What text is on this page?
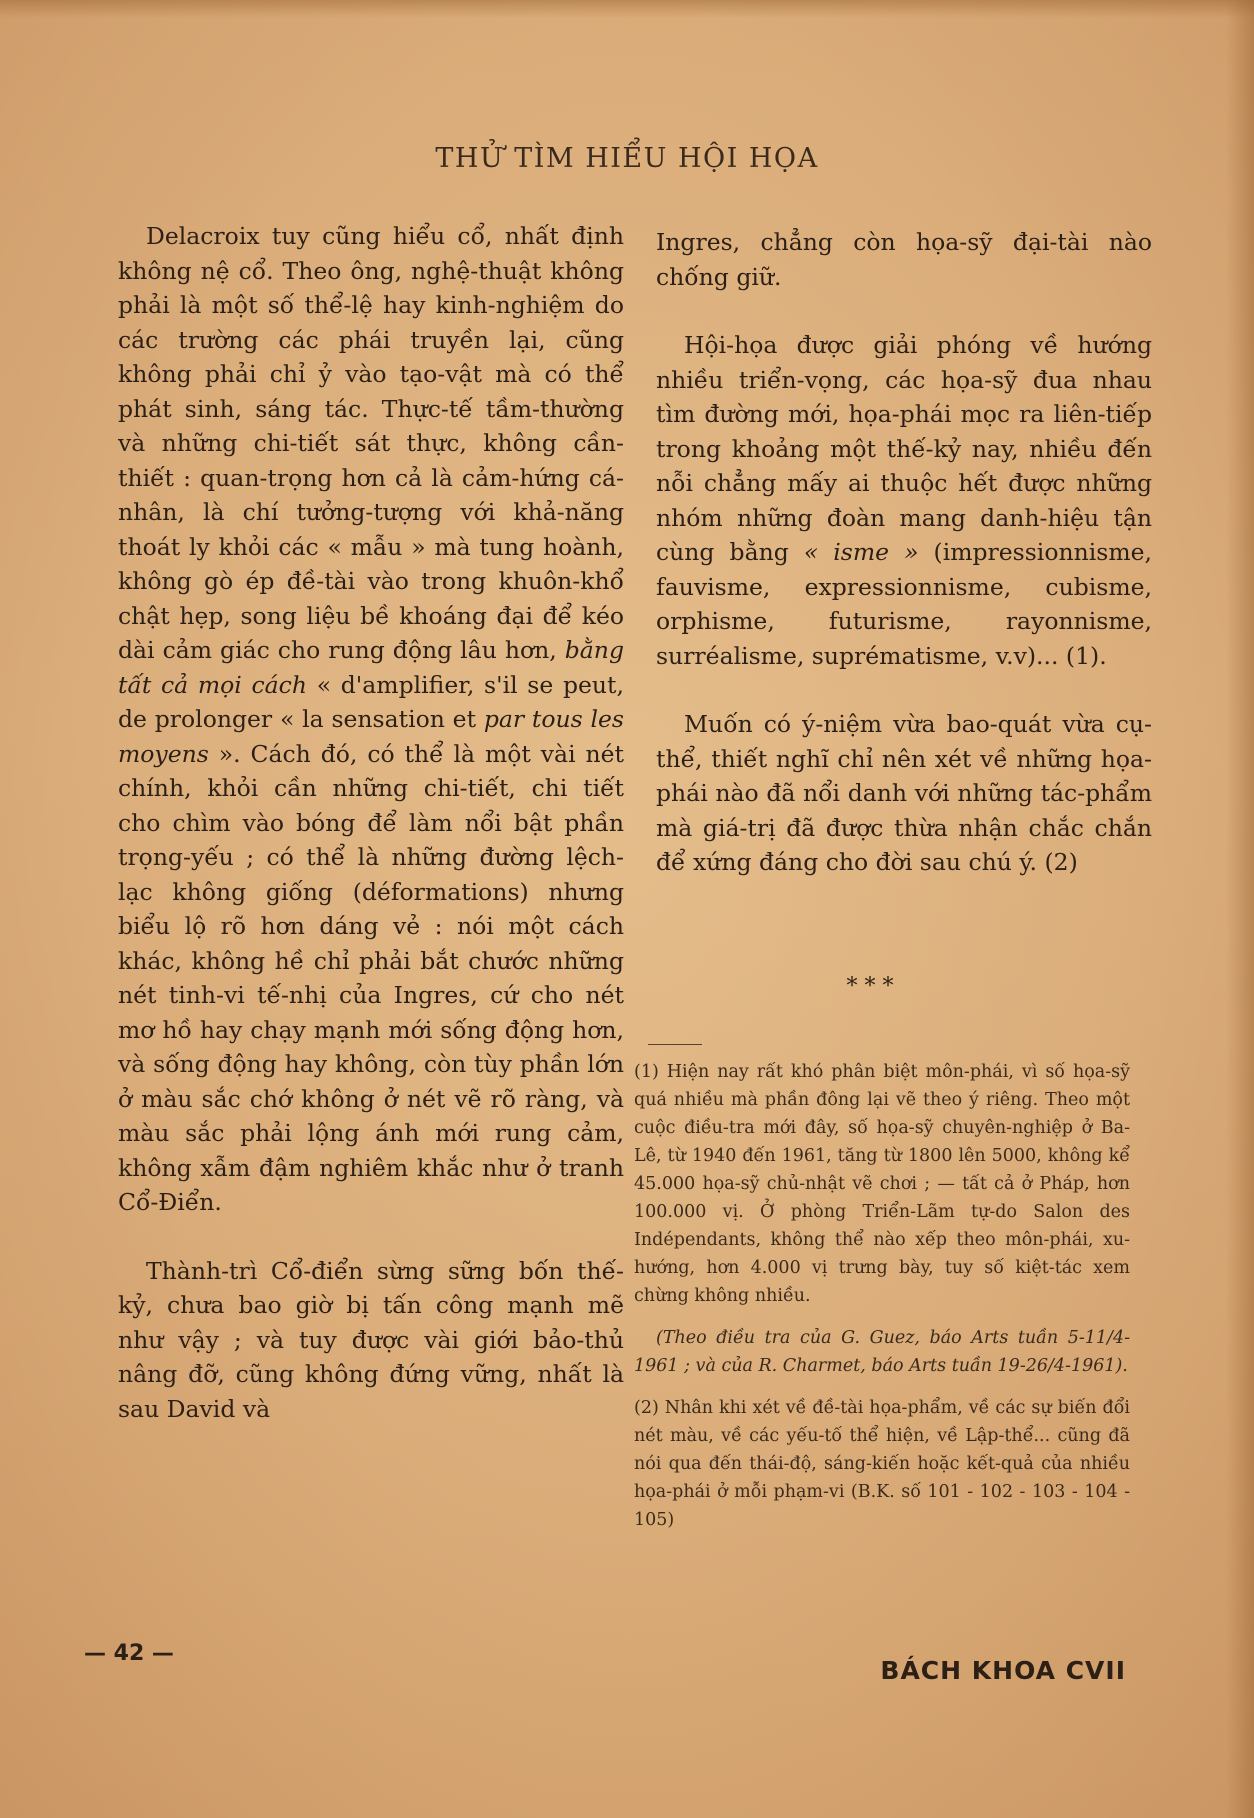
THỬ TÌM HIỂU HỘI HỌA

Delacroix tuy cũng hiểu cổ, nhất định không nệ cổ. Theo ông, nghệ-thuật không phải là một số thể-lệ hay kinh-nghiệm do các trường các phái truyền lại, cũng không phải chỉ ỷ vào tạo-vật mà có thể phát sinh, sáng tác. Thực-tế tầm-thường và những chi-tiết sát thực, không cần-thiết : quan-trọng hơn cả là cảm-hứng cá-nhân, là chí tưởng-tượng với khả-năng thoát ly khỏi các « mẫu » mà tung hoành, không gò ép đề-tài vào trong khuôn-khổ chật hẹp, song liệu bề khoáng đại để kéo dài cảm giác cho rung động lâu hơn, bằng tất cả mọi cách « d'amplifier, s'il se peut, de prolonger « la sensation et par tous les moyens ». Cách đó, có thể là một vài nét chính, khỏi cần những chi-tiết, chi tiết cho chìm vào bóng để làm nổi bật phần trọng-yếu ; có thể là những đường lệch-lạc không giống (déformations) nhưng biểu lộ rõ hơn dáng vẻ : nói một cách khác, không hề chỉ phải bắt chước những nét tinh-vi tế-nhị của Ingres, cứ cho nét mơ hồ hay chạy mạnh mới sống động hơn, và sống động hay không, còn tùy phần lớn ở màu sắc chớ không ở nét vẽ rõ ràng, và màu sắc phải lộng ánh mới rung cảm, không xẫm đậm nghiêm khắc như ở tranh Cổ-Điển.

Thành-trì Cổ-điển sừng sững bốn thế-kỷ, chưa bao giờ bị tấn công mạnh mẽ như vậy ; và tuy được vài giới bảo-thủ nâng đỡ, cũng không đứng vững, nhất là sau David và

Ingres, chẳng còn họa-sỹ đại-tài nào chống giữ.

Hội-họa được giải phóng về hướng nhiều triển-vọng, các họa-sỹ đua nhau tìm đường mới, họa-phái mọc ra liên-tiếp trong khoảng một thế-kỷ nay, nhiều đến nỗi chẳng mấy ai thuộc hết được những nhóm những đoàn mang danh-hiệu tận cùng bằng « isme » (impressionnisme, fauvisme, expressionnisme, cubisme, orphisme, futurisme, rayonnisme, surréalisme, suprématisme, v.v)... (1).

Muốn có ý-niệm vừa bao-quát vừa cụ-thể, thiết nghĩ chỉ nên xét về những họa-phái nào đã nổi danh với những tác-phẩm mà giá-trị đã được thừa nhận chắc chắn để xứng đáng cho đời sau chú ý. (2)

* * *

(1) Hiện nay rất khó phân biệt môn-phái, vì số họa-sỹ quá nhiều mà phần đông lại vẽ theo ý riêng. Theo một cuộc điều-tra mới đây, số họa-sỹ chuyên-nghiệp ở Ba-Lê, từ 1940 đến 1961, tăng từ 1800 lên 5000, không kể 45.000 họa-sỹ chủ-nhật vẽ chơi ; — tất cả ở Pháp, hơn 100.000 vị. Ở phòng Triển-Lãm tự-do Salon des Indépendants, không thể nào xếp theo môn-phái, xu-hướng, hơn 4.000 vị trưng bày, tuy số kiệt-tác xem chừng không nhiều.

(Theo điều tra của G. Guez, báo Arts tuần 5-11/4-1961 ; và của R. Charmet, báo Arts tuần 19-26/4-1961).

(2) Nhân khi xét về đề-tài họa-phẩm, về các sự biến đổi nét màu, về các yếu-tố thể hiện, về Lập-thể... cũng đã nói qua đến thái-độ, sáng-kiến hoặc kết-quả của nhiều họa-phái ở mỗi phạm-vi (B.K. số 101 - 102 - 103 - 104 - 105)

— 42 —
BÁCH KHOA CVII
